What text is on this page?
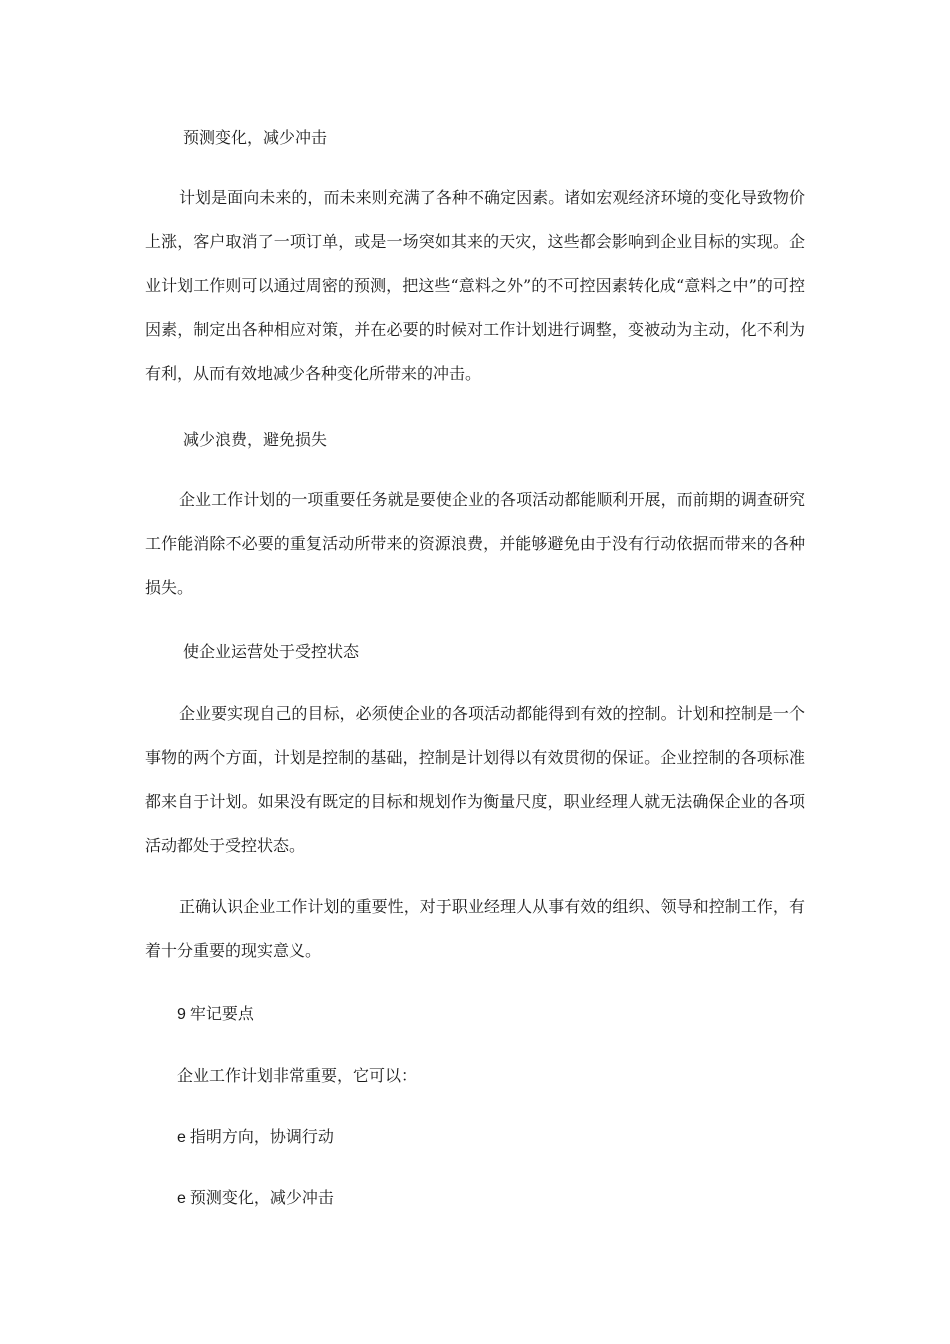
预测变化，减少冲击
计划是面向未来的，而未来则充满了各种不确定因素。诸如宏观经济环境的变化导致物价上涨，客户取消了一项订单，或是一场突如其来的天灾，这些都会影响到企业目标的实现。企业计划工作则可以通过周密的预测，把这些“意料之外”的不可控因素转化成“意料之中”的可控因素，制定出各种相应对策，并在必要的时候对工作计划进行调整，变被动为主动，化不利为有利，从而有效地减少各种变化所带来的冲击。
减少浪费，避免损失
企业工作计划的一项重要任务就是要使企业的各项活动都能顺利开展，而前期的调查研究工作能消除不必要的重复活动所带来的资源浪费，并能够避免由于没有行动依据而带来的各种损失。
使企业运营处于受控状态
企业要实现自己的目标，必须使企业的各项活动都能得到有效的控制。计划和控制是一个事物的两个方面，计划是控制的基础，控制是计划得以有效贯彻的保证。企业控制的各项标准都来自于计划。如果没有既定的目标和规划作为衡量尺度，职业经理人就无法确保企业的各项活动都处于受控状态。
正确认识企业工作计划的重要性，对于职业经理人从事有效的组织、领导和控制工作，有着十分重要的现实意义。
9 牢记要点
企业工作计划非常重要，它可以：
e 指明方向，协调行动
e 预测变化，减少冲击
